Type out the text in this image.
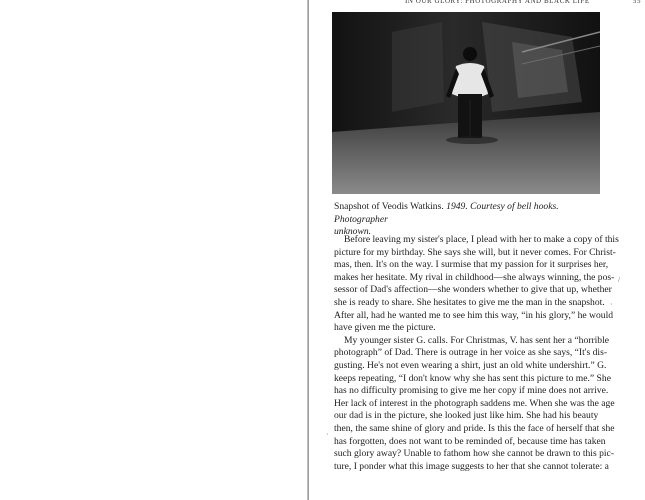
IN OUR GLORY: PHOTOGRAPHY AND BLACK LIFE	55
Snapshot of Veodis Watkins. 1949. Courtesy of bell hooks. Photographer
unknown.
Before leaving my sister's place, I plead with her to make a copy of this
picture for my birthday. She says she will, but it never comes. For Christ-
mas, then. It's on the way. I surmise that my passion for it surprises her,
makes her hesitate. My rival in childhood—she always winning, the pos-
sessor of Dad's affection—she wonders whether to give that up, whether
she is ready to share. She hesitates to give me the man in the snapshot.
After all, had he wanted me to see him this way, “in his glory,” he would
have given me the picture.
My younger sister G. calls. For Christmas, V. has sent her a “horrible
photograph” of Dad. There is outrage in her voice as she says, “It's dis-
gusting. He's not even wearing a shirt, just an old white undershirt.” G.
keeps repeating, “I don't know why she has sent this picture to me.” She
has no difficulty promising to give me her copy if mine does not arrive.
Her lack of interest in the photograph saddens me. When she was the age
our dad is in the picture, she looked just like him. She had his beauty
then, the same shine of glory and pride. Is this the face of herself that she
has forgotten, does not want to be reminded of, because time has taken
such glory away? Unable to fathom how she cannot be drawn to this pic-
ture, I ponder what this image suggests to her that she cannot tolerate: a
/
·
·
